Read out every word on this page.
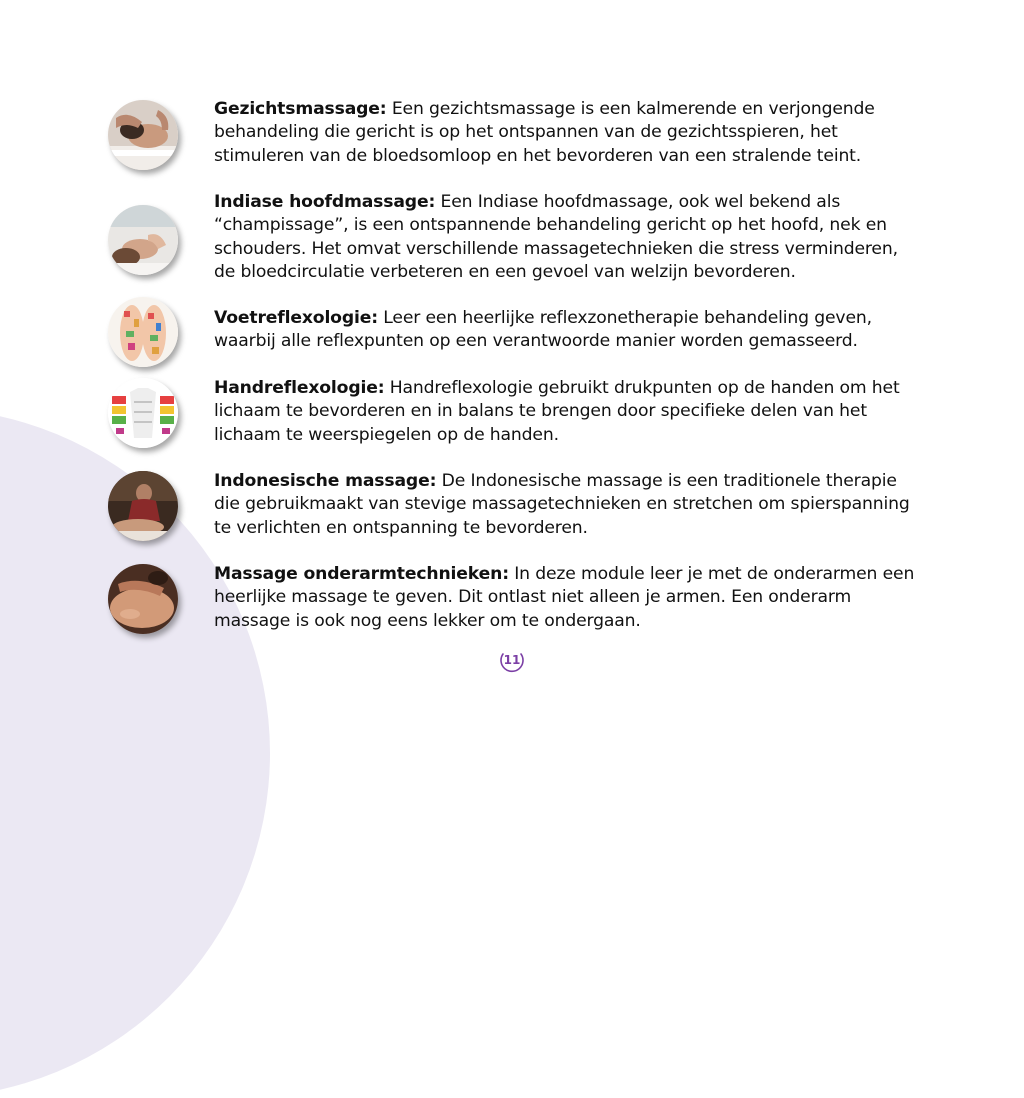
Gezichtsmassage: Een gezichtsmassage is een kalmerende en verjongende behandeling die gericht is op het ontspannen van de gezichtsspieren, het stimuleren van de bloedsomloop en het bevorderen van een stralende teint.
Indiase hoofdmassage: Een Indiase hoofdmassage, ook wel bekend als “champissage”, is een ontspannende behandeling gericht op het hoofd, nek en schouders. Het omvat verschillende massagetechnieken die stress verminderen, de bloedcirculatie verbeteren en een gevoel van welzijn bevorderen.
Voetreflexologie: Leer een heerlijke reflexzonetherapie behandeling geven, waarbij alle reflexpunten op een verantwoorde manier worden gemasseerd.
Handreflexologie: Handreflexologie gebruikt drukpunten op de handen om het lichaam te bevorderen en in balans te brengen door specifieke delen van het lichaam te weerspiegelen op de handen.
Indonesische massage: De Indonesische massage is een traditionele therapie die gebruikmaakt van stevige massagetechnieken en stretchen om spierspanning te verlichten en ontspanning te bevorderen.
Massage onderarmtechnieken: In deze module leer je met de onderarmen een heerlijke massage te geven. Dit ontlast niet alleen je armen. Een onderarm massage is ook nog eens lekker om te ondergaan.
11
